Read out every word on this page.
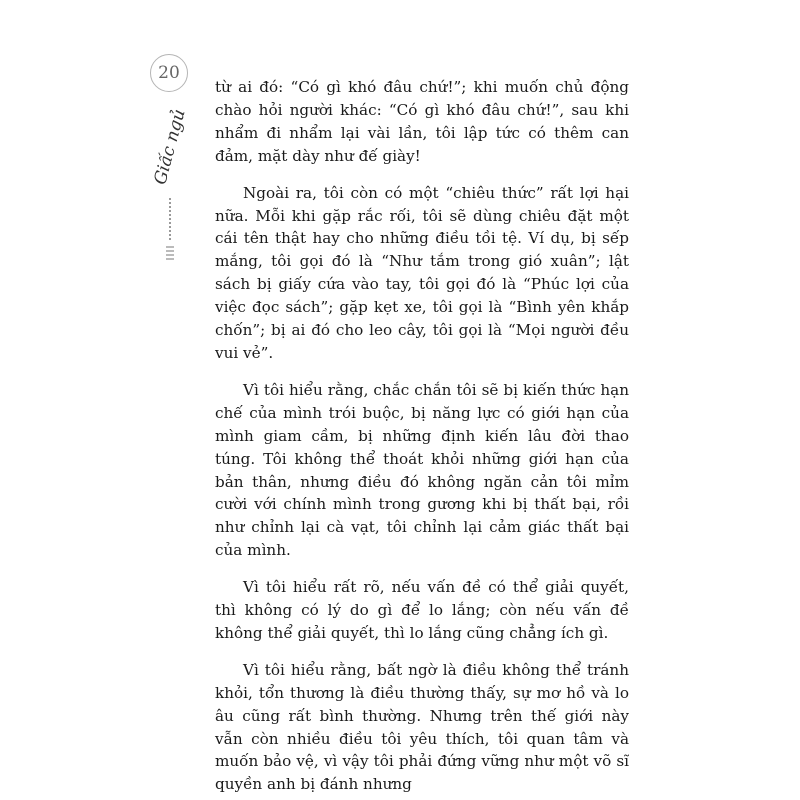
20
Giấc ngủ

từ ai đó: “Có gì khó đâu chứ!”; khi muốn chủ động chào hỏi người khác: “Có gì khó đâu chứ!”, sau khi nhẩm đi nhẩm lại vài lần, tôi lập tức có thêm can đảm, mặt dày như đế giày!

Ngoài ra, tôi còn có một “chiêu thức” rất lợi hại nữa. Mỗi khi gặp rắc rối, tôi sẽ dùng chiêu đặt một cái tên thật hay cho những điều tồi tệ. Ví dụ, bị sếp mắng, tôi gọi đó là “Như tắm trong gió xuân”; lật sách bị giấy cứa vào tay, tôi gọi đó là “Phúc lợi của việc đọc sách”; gặp kẹt xe, tôi gọi là “Bình yên khắp chốn”; bị ai đó cho leo cây, tôi gọi là “Mọi người đều vui vẻ”.

Vì tôi hiểu rằng, chắc chắn tôi sẽ bị kiến thức hạn chế của mình trói buộc, bị năng lực có giới hạn của mình giam cầm, bị những định kiến lâu đời thao túng. Tôi không thể thoát khỏi những giới hạn của bản thân, nhưng điều đó không ngăn cản tôi mỉm cười với chính mình trong gương khi bị thất bại, rồi như chỉnh lại cà vạt, tôi chỉnh lại cảm giác thất bại của mình.

Vì tôi hiểu rất rõ, nếu vấn đề có thể giải quyết, thì không có lý do gì để lo lắng; còn nếu vấn đề không thể giải quyết, thì lo lắng cũng chẳng ích gì.

Vì tôi hiểu rằng, bất ngờ là điều không thể tránh khỏi, tổn thương là điều thường thấy, sự mơ hồ và lo âu cũng rất bình thường. Nhưng trên thế giới này vẫn còn nhiều điều tôi yêu thích, tôi quan tâm và muốn bảo vệ, vì vậy tôi phải đứng vững như một võ sĩ quyền anh bị đánh nhưng
